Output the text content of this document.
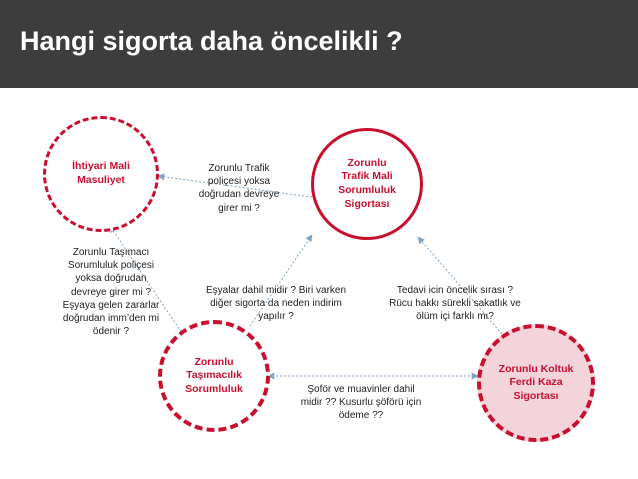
Hangi sigorta daha öncelikli ?
İhtiyari Mali Masuliyet
Zorunlu Trafik Mali Sorumluluk Sigortası
Zorunlu Taşımacılık Sorumluluk
Zorunlu Koltuk Ferdi Kaza Sigortası
Zorunlu Trafik poliçesi yoksa doğrudan devreye girer mi ?
Zorunlu Taşımacı Sorumluluk poliçesi yoksa doğrudan devreye girer mi ? Eşyaya gelen zararlar doğrudan imm’den mi ödenir ?
Eşyalar dahil midir ? Biri varken diğer sigorta da neden indirim yapılır ?
Tedavi icin öncelik sırası ? Rücu hakkı sürekli sakatlık ve ölüm içi farklı mı?
Şoför ve muavinler dahil midir ?? Kusurlu şöförü için ödeme ??
